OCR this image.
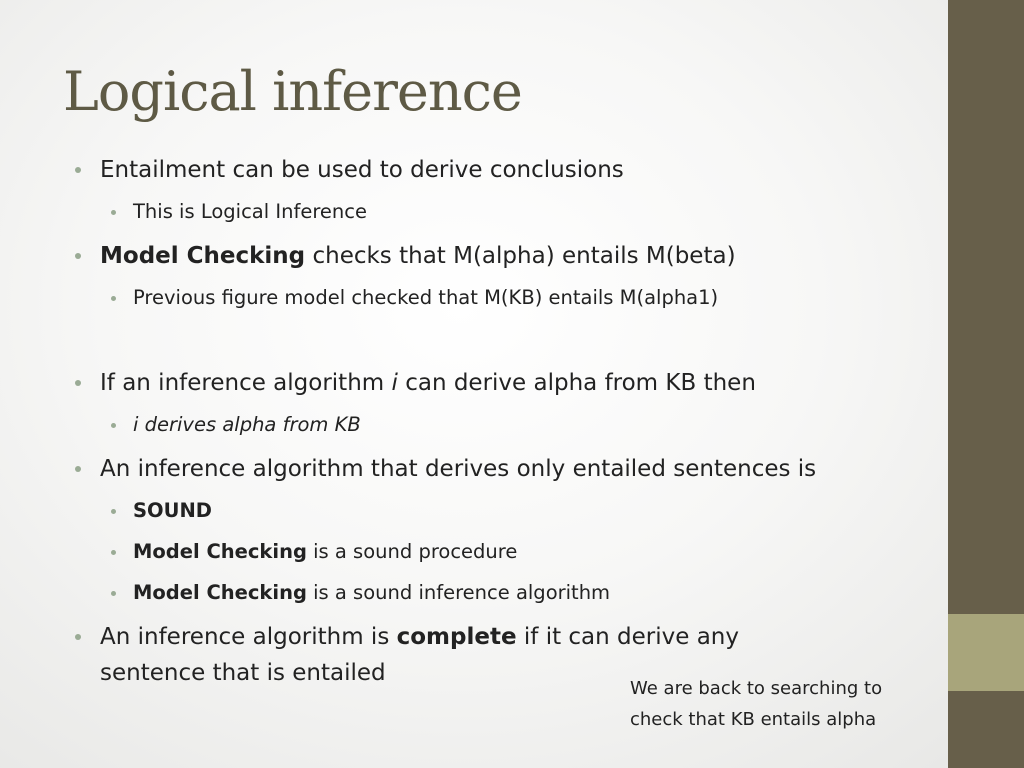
Logical inference
Entailment can be used to derive conclusions
This is Logical Inference
Model Checking checks that M(alpha) entails M(beta)
Previous figure model checked that M(KB) entails M(alpha1)
If an inference algorithm i can derive alpha from KB then
i derives alpha from KB
An inference algorithm that derives only entailed sentences is
SOUND
Model Checking is a sound procedure
Model Checking is a sound inference algorithm
An inference algorithm is complete if it can derive any
sentence that is entailed
We are back to searching to
check that KB entails alpha
